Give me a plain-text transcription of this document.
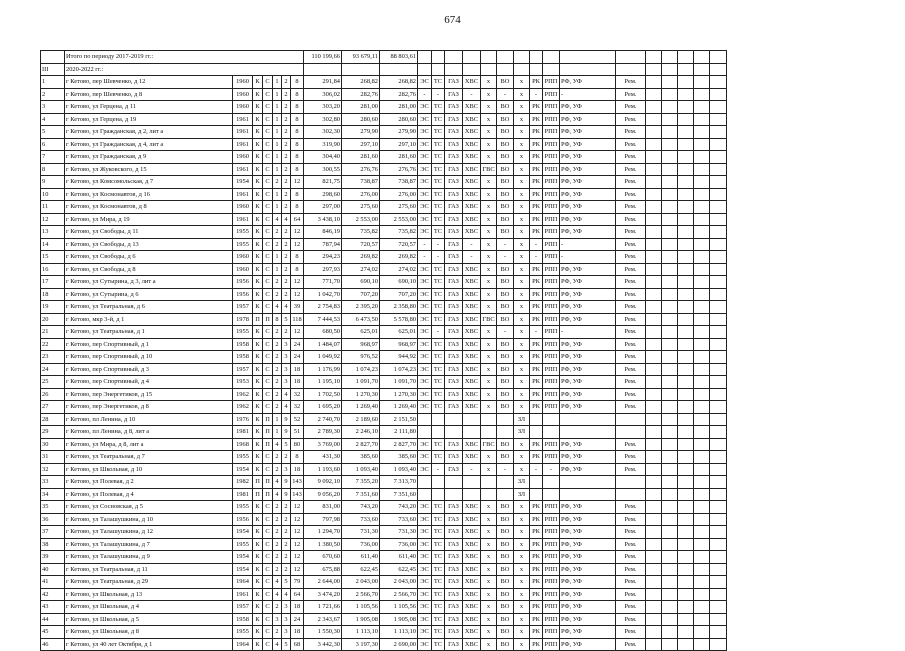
674
	Итого по периоду 2017-2019 гг.:							110 199,66	93 679,11	88 803,61																
III	2020-2022 гг.:																									
1	г Кетово, пер Шевченко, д 12	1960	К	С	1	2	8	291,84	268,82	268,82	ЭС	ТС	ГАЗ	ХВС	х	ВО	х	РК	РПП	РФ, УФ	Рем.					
2	г Кетово, пер Шевченко, д 8	1960	К	С	1	2	8	306,02	282,76	282,76	-	-	ГАЗ	-	х	-	х	-	РПП	-	Рем.					
3	г Кетово, ул Герцена, д 11	1960	К	С	1	2	8	303,20	281,00	281,00	ЭС	ТС	ГАЗ	ХВС	х	ВО	х	РК	РПП	РФ, УФ	Рем.					
4	г Кетово, ул Герцена, д 19	1961	К	С	1	2	8	302,80	280,60	280,60	ЭС	ТС	ГАЗ	ХВС	х	ВО	х	РК	РПП	РФ, УФ	Рем.					
5	г Кетово, ул Гражданская, д 2, лит а	1961	К	С	1	2	8	302,30	279,90	279,90	ЭС	ТС	ГАЗ	ХВС	х	ВО	х	РК	РПП	РФ, УФ	Рем.					
6	г Кетово, ул Гражданская, д 4, лит а	1961	К	С	1	2	8	319,90	297,10	297,10	ЭС	ТС	ГАЗ	ХВС	х	ВО	х	РК	РПП	РФ, УФ	Рем.					
7	г Кетово, ул Гражданская, д 9	1960	К	С	1	2	8	304,40	281,60	281,60	ЭС	ТС	ГАЗ	ХВС	х	ВО	х	РК	РПП	РФ, УФ	Рем.					
8	г Кетово, ул Жуковского, д 15	1961	К	С	1	2	8	300,55	276,76	276,76	ЭС	ТС	ГАЗ	ХВС	ГВС	ВО	х	РК	РПП	РФ, УФ	Рем.					
9	г Кетово, ул Комсомольская, д 7	1954	К	С	2	2	12	821,75	738,87	738,87	ЭС	ТС	ГАЗ	ХВС	х	ВО	х	РК	РПП	РФ, УФ	Рем.					
10	г Кетово, ул Космонавтов, д 16	1961	К	С	1	2	8	298,60	276,00	276,00	ЭС	ТС	ГАЗ	ХВС	х	ВО	х	РК	РПП	РФ, УФ	Рем.					
11	г Кетово, ул Космонавтов, д 8	1960	К	С	1	2	8	297,00	275,60	275,60	ЭС	ТС	ГАЗ	ХВС	х	ВО	х	РК	РПП	РФ, УФ	Рем.					
12	г Кетово, ул Мира, д 19	1961	К	С	4	4	64	3 438,10	2 553,00	2 553,00	ЭС	ТС	ГАЗ	ХВС	х	ВО	х	РК	РПП	РФ, УФ	Рем.					
13	г Кетово, ул Свободы, д 11	1955	К	С	2	2	12	846,19	735,82	735,82	ЭС	ТС	ГАЗ	ХВС	х	ВО	х	РК	РПП	РФ, УФ	Рем.					
14	г Кетово, ул Свободы, д 13	1955	К	С	2	2	12	787,94	720,57	720,57	-	-	ГАЗ	-	х	-	х	-	РПП	-	Рем.					
15	г Кетово, ул Свободы, д 6	1960	К	С	1	2	8	294,23	269,82	269,82	-	-	ГАЗ	-	х	-	х	-	РПП	-	Рем.					
16	г Кетово, ул Свободы, д 8	1960	К	С	1	2	8	297,93	274,02	274,02	ЭС	ТС	ГАЗ	ХВС	х	ВО	х	РК	РПП	РФ, УФ	Рем.					
17	г Кетово, ул Сутырина, д 3, лит а	1956	К	С	2	2	12	771,70	690,10	690,10	ЭС	ТС	ГАЗ	ХВС	х	ВО	х	РК	РПП	РФ, УФ	Рем.					
18	г Кетово, ул Сутырина, д 6	1956	К	С	2	2	12	1 042,70	707,20	707,20	ЭС	ТС	ГАЗ	ХВС	х	ВО	х	РК	РПП	РФ, УФ	Рем.					
19	г Кетово, ул Театральная, д 6	1957	К	С	4	4	39	2 754,83	2 395,20	2 358,80	ЭС	ТС	ГАЗ	ХВС	х	ВО	х	РК	РПП	РФ, УФ	Рем.					
20	г Кетово, мкр 3-й, д 1	1978	П	П	8	5	118	7 444,53	6 473,50	5 578,80	ЭС	ТС	ГАЗ	ХВС	ГВС	ВО	х	РК	РПП	РФ, УФ	Рем.					
21	г Кетово, ул Театральная, д 1	1955	К	С	2	2	12	680,50	625,01	625,01	ЭС	-	ГАЗ	ХВС	х	-	х	-	РПП	-	Рем.					
22	г Кетово, пер Спортивный, д 1	1958	К	С	2	3	24	1 484,07	968,97	968,97	ЭС	ТС	ГАЗ	ХВС	х	ВО	х	РК	РПП	РФ, УФ	Рем.					
23	г Кетово, пер Спортивный, д 10	1958	К	С	2	3	24	1 049,92	976,52	944,92	ЭС	ТС	ГАЗ	ХВС	х	ВО	х	РК	РПП	РФ, УФ	Рем.					
24	г Кетово, пер Спортивный, д 3	1957	К	С	2	3	18	1 176,99	1 074,23	1 074,23	ЭС	ТС	ГАЗ	ХВС	х	ВО	х	РК	РПП	РФ, УФ	Рем.					
25	г Кетово, пер Спортивный, д 4	1953	К	С	2	3	18	1 195,10	1 091,70	1 091,70	ЭС	ТС	ГАЗ	ХВС	х	ВО	х	РК	РПП	РФ, УФ	Рем.					
26	г Кетово, пер Энергетиков, д 15	1962	К	С	2	4	32	1 702,50	1 270,30	1 270,30	ЭС	ТС	ГАЗ	ХВС	х	ВО	х	РК	РПП	РФ, УФ	Рем.					
27	г Кетово, пер Энергетиков, д 8	1962	К	С	2	4	32	1 695,20	1 269,40	1 269,40	ЭС	ТС	ГАЗ	ХВС	х	ВО	х	РК	РПП	РФ, УФ	Рем.					
28	г Кетово, пл Ленина, д 10	1976	К	П	1	9	52	2 740,70	2 189,60	2 151,50							ЗЛ									
29	г Кетово, пл Ленина, д 8, лит а	1981	К	П	1	9	51	2 789,30	2 246,10	2 111,80							ЗЛ									
30	г Кетово, ул Мира, д 8, лит а	1968	К	П	4	5	80	3 769,00	2 827,70	2 827,70	ЭС	ТС	ГАЗ	ХВС	ГВС	ВО	х	РК	РПП	РФ, УФ	Рем.					
31	г Кетово, ул Театральная, д 7	1955	К	С	2	2	8	431,30	385,60	385,60	ЭС	ТС	ГАЗ	ХВС	х	ВО	х	РК	РПП	РФ, УФ	Рем.					
32	г Кетово, ул Школьная, д 10	1954	К	С	2	3	18	1 193,60	1 093,40	1 093,40	ЭС	-	ГАЗ	-	х	-	х	-	-	РФ, УФ	Рем.					
33	г Кетово, ул Полевая, д 2	1982	П	П	4	9	143	9 092,10	7 355,20	7 313,70							ЗЛ									
34	г Кетово, ул Полевая, д 4	1981	П	П	4	9	143	9 056,20	7 351,60	7 351,60							ЗЛ									
35	г Кетово, ул Сосновская, д 5	1955	К	С	2	2	12	831,00	743,20	743,20	ЭС	ТС	ГАЗ	ХВС	х	ВО	х	РК	РПП	РФ, УФ	Рем.					
36	г Кетово, ул Талашушкина, д 10	1956	К	С	2	2	12	797,98	733,60	733,60	ЭС	ТС	ГАЗ	ХВС	х	ВО	х	РК	РПП	РФ, УФ	Рем.					
37	г Кетово, ул Талашушкина, д 12	1954	К	С	2	2	12	1 294,70	731,30	731,30	ЭС	ТС	ГАЗ	ХВС	х	ВО	х	РК	РПП	РФ, УФ	Рем.					
38	г Кетово, ул Талашушкина, д 7	1955	К	С	2	2	12	1 380,50	736,00	736,00	ЭС	ТС	ГАЗ	ХВС	х	ВО	х	РК	РПП	РФ, УФ	Рем.					
39	г Кетово, ул Талашушкина, д 9	1954	К	С	2	2	12	670,60	611,40	611,40	ЭС	ТС	ГАЗ	ХВС	х	ВО	х	РК	РПП	РФ, УФ	Рем.					
40	г Кетово, ул Театральная, д 11	1954	К	С	2	2	12	675,88	622,45	622,45	ЭС	ТС	ГАЗ	ХВС	х	ВО	х	РК	РПП	РФ, УФ	Рем.					
41	г Кетово, ул Театральная, д 29	1964	К	С	4	5	79	2 644,00	2 043,00	2 043,00	ЭС	ТС	ГАЗ	ХВС	х	ВО	х	РК	РПП	РФ, УФ	Рем.					
42	г Кетово, ул Школьная, д 13	1961	К	С	4	4	64	3 474,20	2 566,70	2 566,70	ЭС	ТС	ГАЗ	ХВС	х	ВО	х	РК	РПП	РФ, УФ	Рем.					
43	г Кетово, ул Школьная, д 4	1957	К	С	2	3	18	1 721,66	1 105,56	1 105,56	ЭС	ТС	ГАЗ	ХВС	х	ВО	х	РК	РПП	РФ, УФ	Рем.					
44	г Кетово, ул Школьная, д 5	1958	К	С	3	3	24	2 343,67	1 905,08	1 905,08	ЭС	ТС	ГАЗ	ХВС	х	ВО	х	РК	РПП	РФ, УФ	Рем.					
45	г Кетово, ул Школьная, д 8	1955	К	С	2	3	18	1 550,30	1 113,10	1 113,10	ЭС	ТС	ГАЗ	ХВС	х	ВО	х	РК	РПП	РФ, УФ	Рем.					
46	г Кетово, ул 40 лет Октября, д 1	1964	К	С	4	5	68	3 442,30	3 197,30	2 690,00	ЭС	ТС	ГАЗ	ХВС	х	ВО	х	РК	РПП	РФ, УФ	Рем.					
